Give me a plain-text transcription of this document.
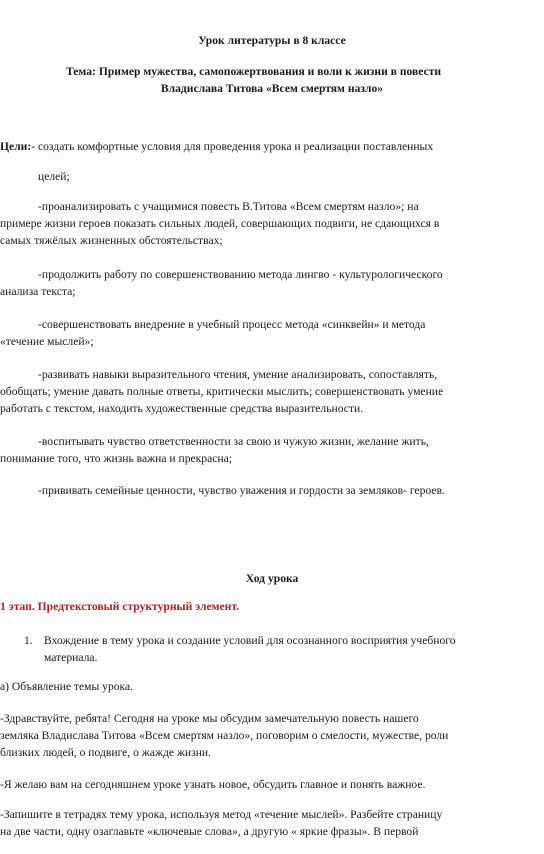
Урок литературы в 8 классе
Тема: Пример мужества, самопожертвования и воли к жизни в повести
Владислава Титова «Всем смертям назло»
Цели:- создать комфортные условия для проведения урока и реализации поставленных
целей;
-проанализировать с учащимися повесть В.Титова «Всем смертям назло»; на
примере жизни героев показать сильных людей, совершающих подвиги, не сдающихся в
самых тяжёлых жизненных обстоятельствах;
-продолжить работу по совершенствованию метода лингво - культурологического
анализа текста;
-совершенствовать внедрение в учебный процесс метода «синквейн» и метода
«течение мыслей»;
-развивать навыки выразительного чтения, умение анализировать, сопоставлять,
обобщать; умение давать полные ответы, критически мыслить; совершенствовать умение
работать с текстом, находить художественные средства выразительности.
-воспитывать чувство ответственности за свою и чужую жизни, желание жить,
понимание того, что жизнь важна и прекрасна;
-прививать семейные ценности, чувство уважения и гордости за земляков- героев.
Ход урока
1 этап. Предтекстовый структурный элемент.
1. Вхождение в тему урока и создание условий для осознанного восприятия учебного
материала.
а) Объявление темы урока.
-Здравствуйте, ребята! Сегодня на уроке мы обсудим замечательную повесть нашего
земляка Владислава Титова «Всем смертям назло», поговорим о смелости, мужестве, роли
близких людей, о подвиге, о жажде жизни.
-Я желаю вам на сегодняшнем уроке узнать новое, обсудить главное и понять важное.
-Запишите в тетрадях тему урока, используя метод «течение мыслей». Разбейте страницу
на две части, одну озаглавьте «ключевые слова», а другую « яркие фразы». В первой
